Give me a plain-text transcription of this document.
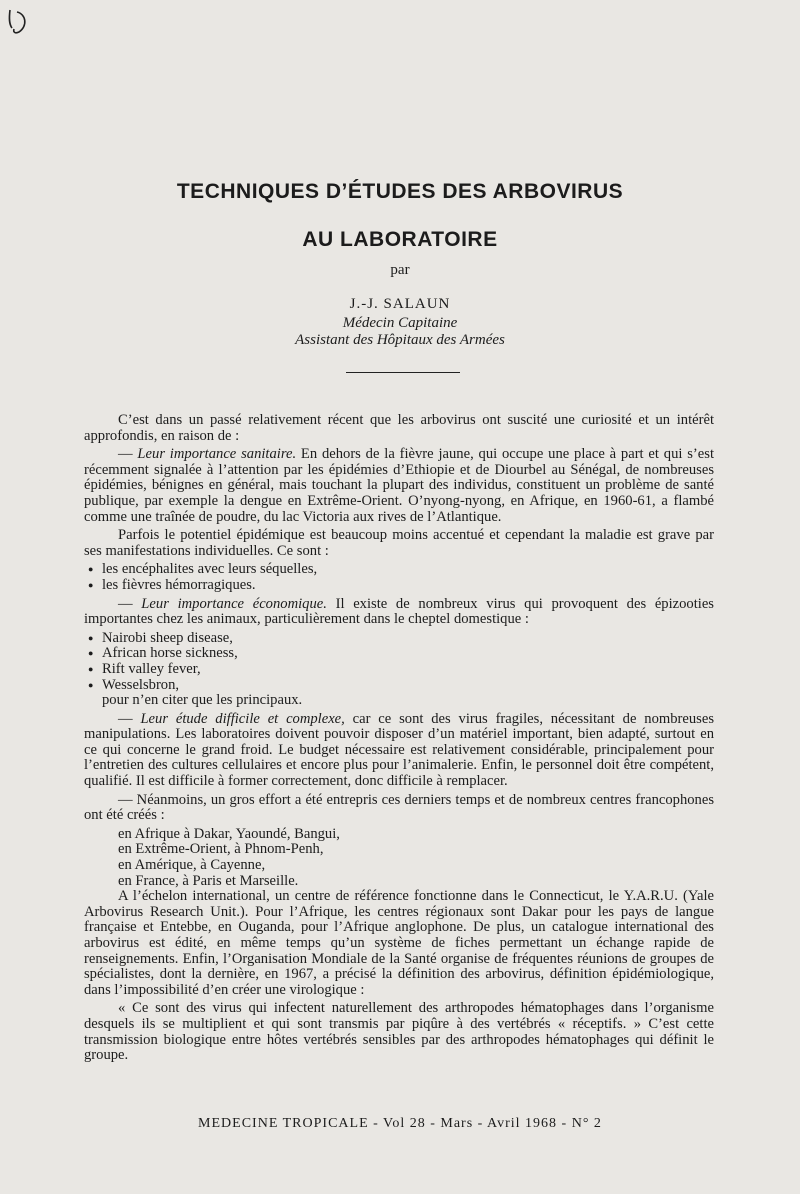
TECHNIQUES D’ÉTUDES DES ARBOVIRUS
AU LABORATOIRE
par
J.-J. SALAUN
Médecin Capitaine
Assistant des Hôpitaux des Armées

C’est dans un passé relativement récent que les arbovirus ont suscité une curiosité et un intérêt approfondis, en raison de :

— Leur importance sanitaire. En dehors de la fièvre jaune, qui occupe une place à part et qui s’est récemment signalée à l’attention par les épidémies d’Ethiopie et de Diourbel au Sénégal, de nombreuses épidémies, bénignes en général, mais touchant la plupart des individus, constituent un problème de santé publique, par exemple la dengue en Extrême-Orient. O’nyong-nyong, en Afrique, en 1960-61, a flambé comme une traînée de poudre, du lac Victoria aux rives de l’Atlantique.

Parfois le potentiel épidémique est beaucoup moins accentué et cependant la maladie est grave par ses manifestations individuelles. Ce sont :

● les encéphalites avec leurs séquelles,
● les fièvres hémorragiques.

— Leur importance économique. Il existe de nombreux virus qui provoquent des épizooties importantes chez les animaux, particulièrement dans le cheptel domestique :

● Nairobi sheep disease,
● African horse sickness,
● Rift valley fever,
● Wesselsbron,
pour n’en citer que les principaux.

— Leur étude difficile et complexe, car ce sont des virus fragiles, nécessitant de nombreuses manipulations. Les laboratoires doivent pouvoir disposer d’un matériel important, bien adapté, surtout en ce qui concerne le grand froid. Le budget nécessaire est relativement considérable, principalement pour l’entretien des cultures cellulaires et encore plus pour l’animalerie. Enfin, le personnel doit être compétent, qualifié. Il est difficile à former correctement, donc difficile à remplacer.

— Néanmoins, un gros effort a été entrepris ces derniers temps et de nombreux centres francophones ont été créés :

en Afrique à Dakar, Yaoundé, Bangui,
en Extrême-Orient, à Phnom-Penh,
en Amérique, à Cayenne,
en France, à Paris et Marseille.

A l’échelon international, un centre de référence fonctionne dans le Connecticut, le Y.A.R.U. (Yale Arbovirus Research Unit.). Pour l’Afrique, les centres régionaux sont Dakar pour les pays de langue française et Entebbe, en Ouganda, pour l’Afrique anglophone. De plus, un catalogue international des arbovirus est édité, en même temps qu’un système de fiches permettant un échange rapide de renseignements. Enfin, l’Organisation Mondiale de la Santé organise de fréquentes réunions de groupes de spécialistes, dont la dernière, en 1967, a précisé la définition des arbovirus, définition épidémiologique, dans l’impossibilité d’en créer une virologique :

« Ce sont des virus qui infectent naturellement des arthropodes hématophages dans l’organisme desquels ils se multiplient et qui sont transmis par piqûre à des vertébrés « réceptifs. » C’est cette transmission biologique entre hôtes vertébrés sensibles par des arthropodes hématophages qui définit le groupe.

MEDECINE TROPICALE - Vol 28 - Mars - Avril 1968 - N° 2
